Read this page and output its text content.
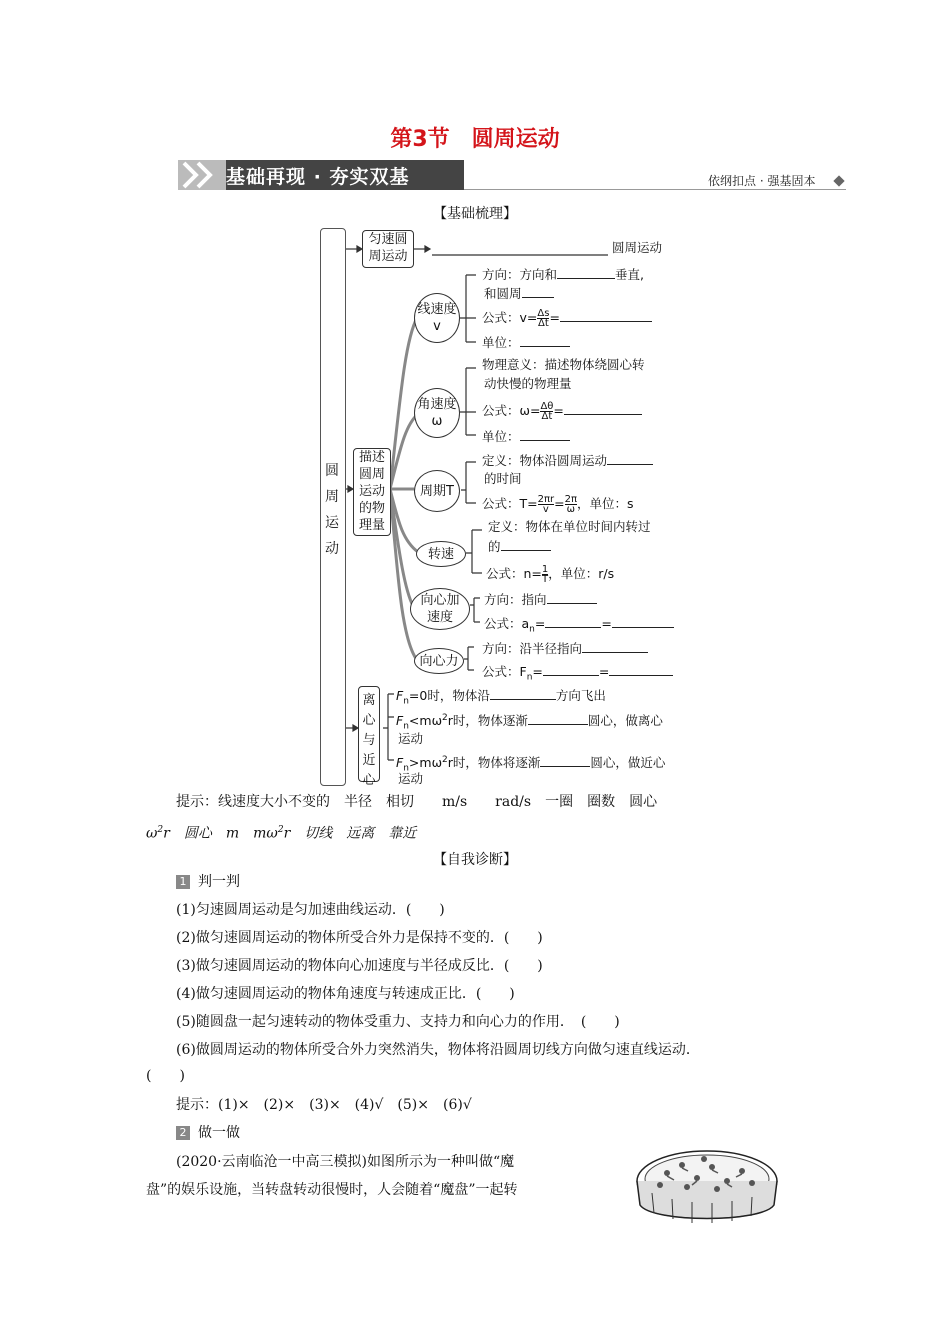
第3节　圆周运动
基础再现 · 夯实双基	依纲扣点 · 强基固本
【基础梳理】
圆周运动
匀速圆周运动
圆周运动
描述圆周运动的物理量
线速度v
角速度ω
周期T
转速
向心加速度
向心力
方向：方向和	垂直,
和圆周
公式：$v= \frac{\Delta s}{\Delta t}$ =
单位：
物理意义：描述物体绕圆心转
动快慢的物理量
公式：$\omega= \frac{\Delta\theta}{\Delta t}$ =
单位：
定义：物体沿圆周运动
的时间
公式：$T= \frac{2\pi r}{v} = \frac{2\pi}{\omega}$ ，单位：s
定义：物体在单位时间内转过
的
公式：$n= \frac{1}{T}$ ，单位：r/s
方向：指向
公式：$a_n=$	=
方向：沿半径指向
公式：$F_n=$	=
离心与近心
$F_n=0$时，物体沿	方向飞出
$F_n<m\omega^2r$时，物体逐渐	圆心，做离心
运动
$F_n>m\omega^2r$时，物体将逐渐	圆心，做近心
运动
提示：线速度大小不变的　半径　相切　　m/s　　rad/s　一圈　圈数　圆心
$\omega^2r$　圆心　m　$m\omega^2r$　切线　远离　靠近
【自我诊断】
1 判一判
(1)匀速圆周运动是匀加速曲线运动．(　　)
(2)做匀速圆周运动的物体所受合外力是保持不变的．(　　)
(3)做匀速圆周运动的物体向心加速度与半径成反比．(　　)
(4)做匀速圆周运动的物体角速度与转速成正比．(　　)
(5)随圆盘一起匀速转动的物体受重力、支持力和向心力的作用．　(　　)
(6)做圆周运动的物体所受合外力突然消失，物体将沿圆周切线方向做匀速直线运动．
(　　)
提示：(1)×　(2)×　(3)×　(4)√　(5)×　(6)√
2 做一做
(2020·云南临沧一中高三模拟)如图所示为一种叫做“魔
盘”的娱乐设施，当转盘转动很慢时，人会随着“魔盘”一起转
